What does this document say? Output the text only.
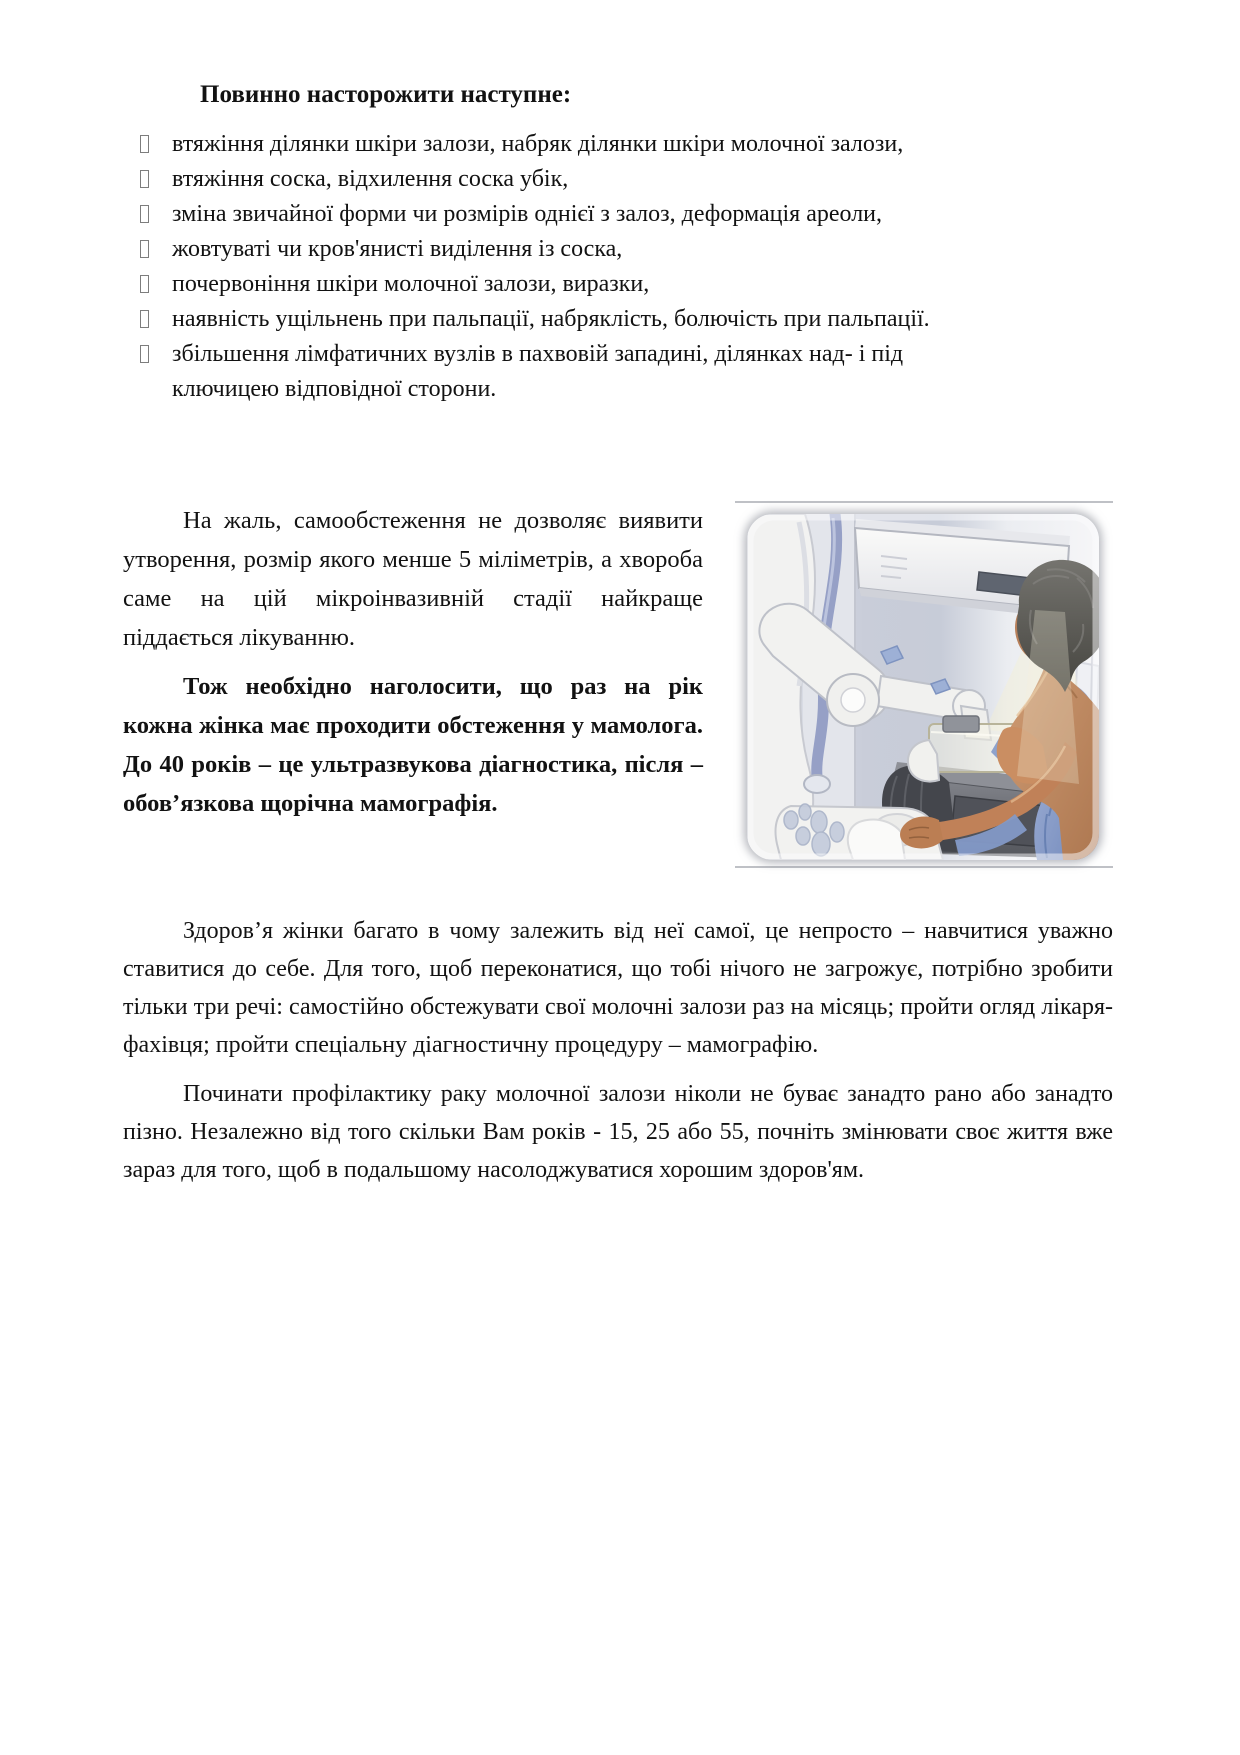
Повинно насторожити наступне:
втяжіння ділянки шкіри залози, набряк ділянки шкіри молочної залози,
втяжіння соска, відхилення соска убік,
зміна звичайної форми чи розмірів однієї з залоз, деформація ареоли,
жовтуваті чи кров'янисті виділення із соска,
почервоніння шкіри молочної залози, виразки,
наявність ущільнень при пальпації, набряклість, болючість при пальпації.
збільшення лімфатичних вузлів в пахвовій западині, ділянках над- і під
ключицею відповідної сторони.

На жаль, самообстеження не дозволяє виявити утворення, розмір якого менше 5 міліметрів, а хвороба саме на цій мікроінвазивній стадії найкраще піддається лікуванню.

Тож необхідно наголосити, що раз на рік кожна жінка має проходити обстеження у мамолога. До 40 років – це ультразвукова діагностика, після – обов’язкова щорічна мамографія.

Здоров’я жінки багато в чому залежить від неї самої, це непросто – навчитися уважно ставитися до себе. Для того, щоб переконатися, що тобі нічого не загрожує, потрібно зробити тільки три речі: самостійно обстежувати свої молочні залози раз на місяць; пройти огляд лікаря-фахівця; пройти спеціальну діагностичну процедуру – мамографію.

Починати профілактику раку молочної залози ніколи не буває занадто рано або занадто пізно. Незалежно від того скільки Вам років - 15, 25 або 55, почніть змінювати своє життя вже зараз для того, щоб в подальшому насолоджуватися хорошим здоров'ям.
